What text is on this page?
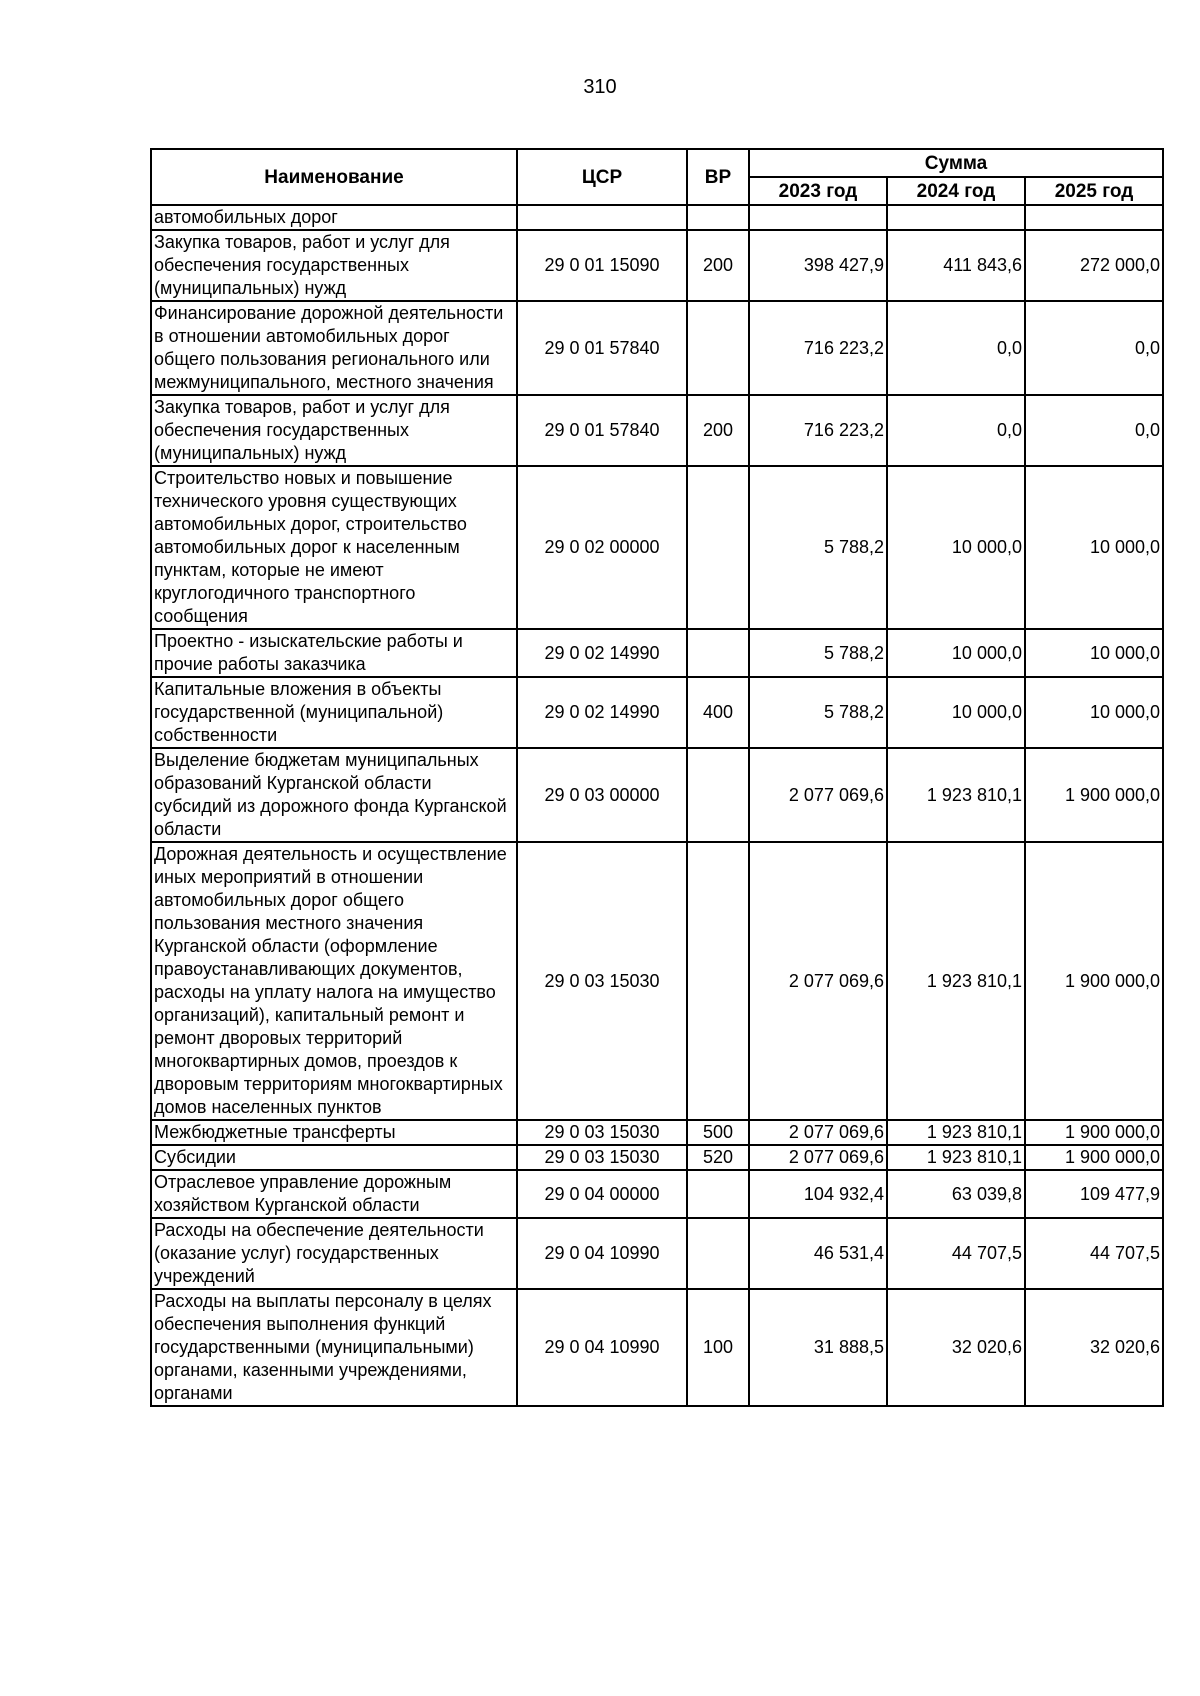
310
Наименование	ЦСР	ВР	Сумма		
			2023 год	2024 год	2025 год
автомобильных дорог					
Закупка товаров, работ и услуг для обеспечения государственных (муниципальных) нужд	29 0 01 15090	200	398 427,9	411 843,6	272 000,0
Финансирование дорожной деятельности в отношении автомобильных дорог общего пользования регионального или межмуниципального, местного значения	29 0 01 57840		716 223,2	0,0	0,0
Закупка товаров, работ и услуг для обеспечения государственных (муниципальных) нужд	29 0 01 57840	200	716 223,2	0,0	0,0
Строительство новых и повышение технического уровня существующих автомобильных дорог, строительство автомобильных дорог к населенным пунктам, которые не имеют круглогодичного транспортного сообщения	29 0 02 00000		5 788,2	10 000,0	10 000,0
Проектно - изыскательские работы и прочие работы заказчика	29 0 02 14990		5 788,2	10 000,0	10 000,0
Капитальные вложения в объекты государственной (муниципальной) собственности	29 0 02 14990	400	5 788,2	10 000,0	10 000,0
Выделение бюджетам муниципальных образований Курганской области субсидий из дорожного фонда Курганской области	29 0 03 00000		2 077 069,6	1 923 810,1	1 900 000,0
Дорожная деятельность и осуществление иных мероприятий в отношении автомобильных дорог общего пользования местного значения Курганской области (оформление правоустанавливающих документов, расходы на уплату налога на имущество организаций), капитальный ремонт и ремонт дворовых территорий многоквартирных домов, проездов к дворовым территориям многоквартирных домов населенных пунктов	29 0 03 15030		2 077 069,6	1 923 810,1	1 900 000,0
Межбюджетные трансферты	29 0 03 15030	500	2 077 069,6	1 923 810,1	1 900 000,0
Субсидии	29 0 03 15030	520	2 077 069,6	1 923 810,1	1 900 000,0
Отраслевое управление дорожным хозяйством Курганской области	29 0 04 00000		104 932,4	63 039,8	109 477,9
Расходы на обеспечение деятельности (оказание услуг) государственных учреждений	29 0 04 10990		46 531,4	44 707,5	44 707,5
Расходы на выплаты персоналу в целях обеспечения выполнения функций государственными (муниципальными) органами, казенными учреждениями, органами	29 0 04 10990	100	31 888,5	32 020,6	32 020,6
